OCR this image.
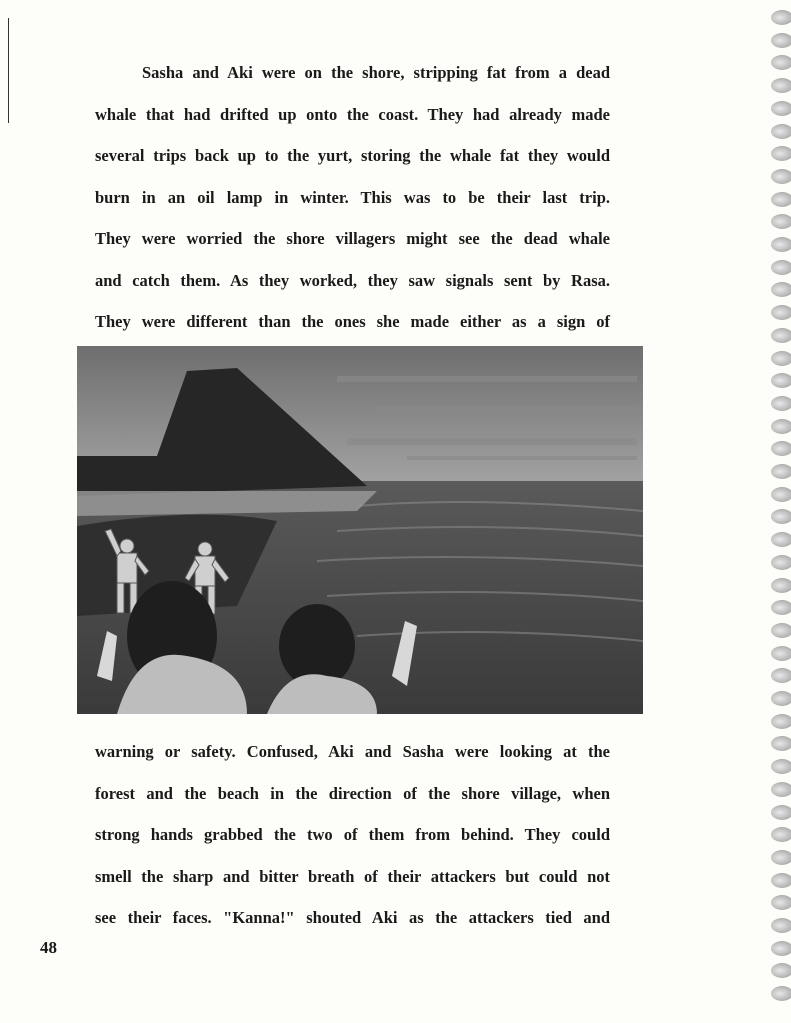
Sasha and Aki were on the shore, stripping fat from a dead
whale that had drifted up onto the coast. They had already made
several trips back up to the yurt, storing the whale fat they would
burn in an oil lamp in winter. This was to be their last trip.
They were worried the shore villagers might see the dead whale
and catch them. As they worked, they saw signals sent by Rasa.
They were different than the ones she made either as a sign of
warning or safety. Confused, Aki and Sasha were looking at the
forest and the beach in the direction of the shore village, when
strong hands grabbed the two of them from behind. They could
smell the sharp and bitter breath of their attackers but could not
see their faces. "Kanna!" shouted Aki as the attackers tied and
48
